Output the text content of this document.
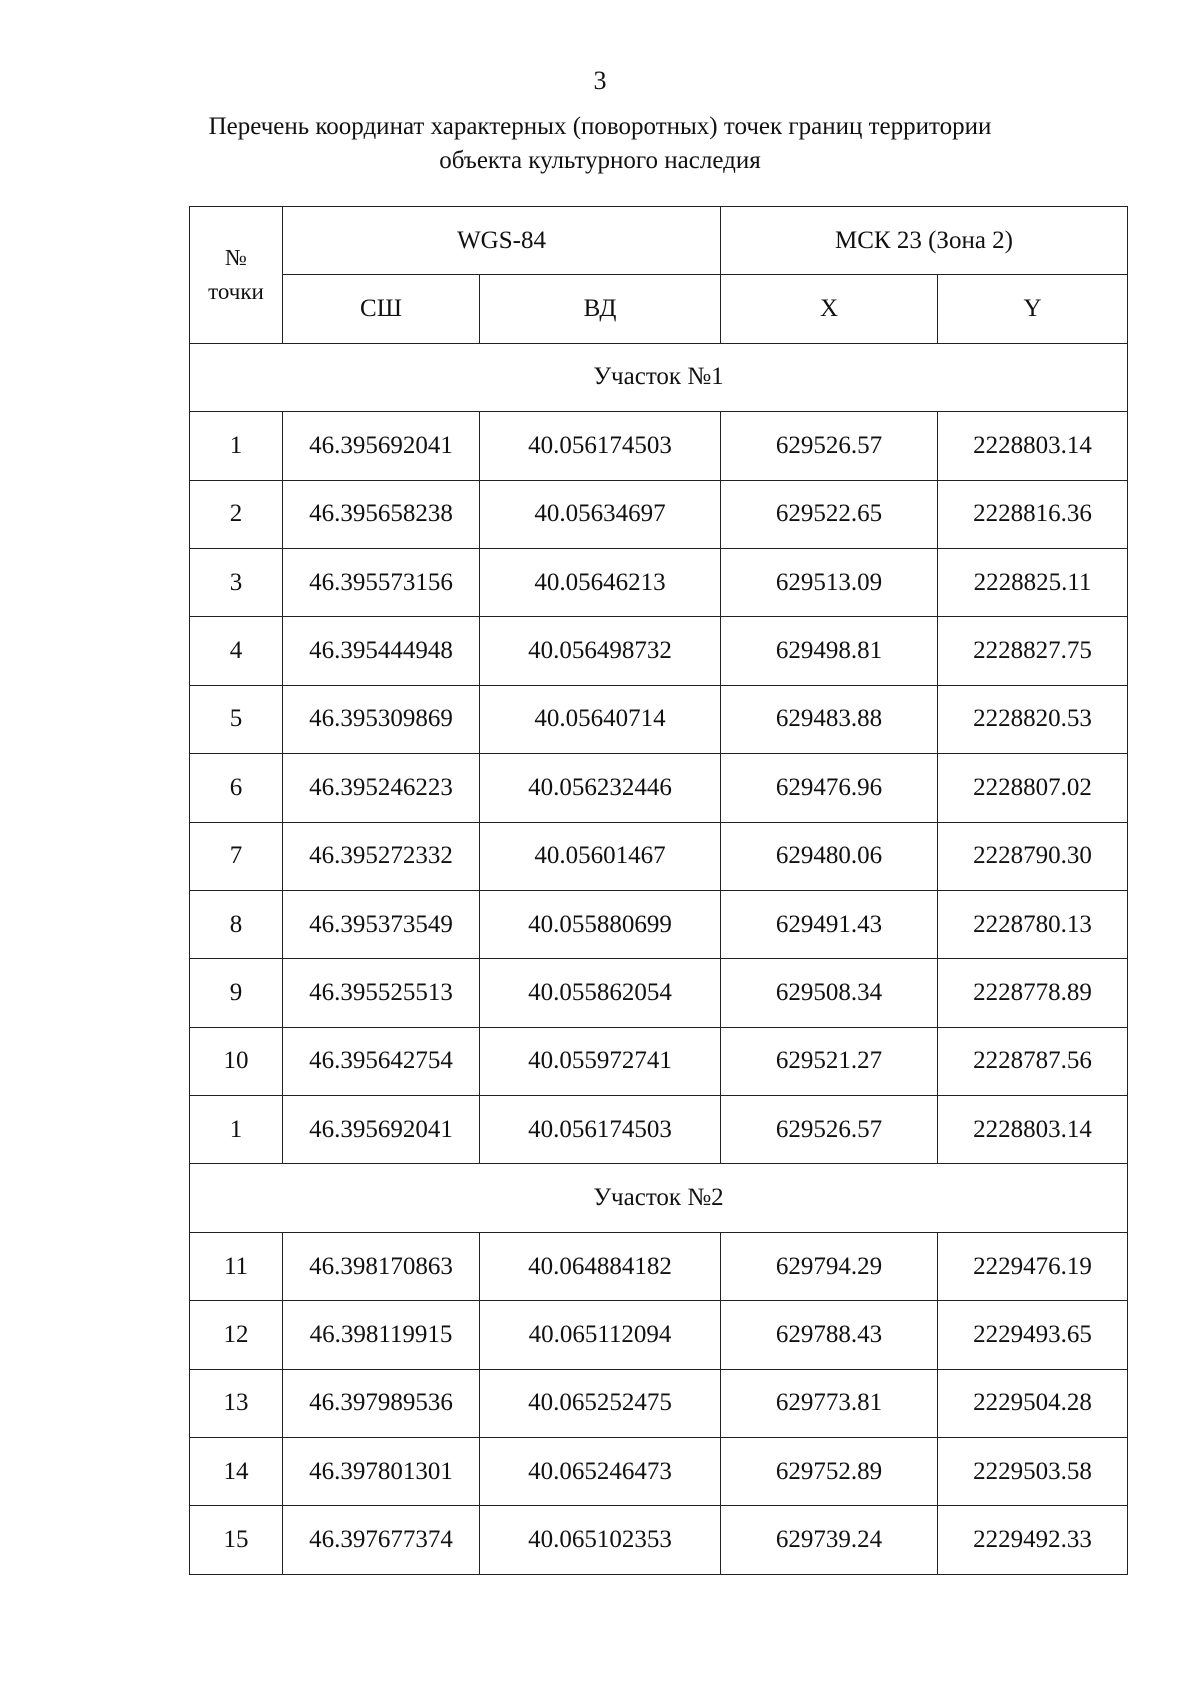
3
Перечень координат характерных (поворотных) точек границ территории
объекта культурного наследия
№
точки	WGS-84		МСК 23 (Зона 2)	
	СШ	ВД	X	Y
Участок №1				
1	46.395692041	40.056174503	629526.57	2228803.14
2	46.395658238	40.05634697	629522.65	2228816.36
3	46.395573156	40.05646213	629513.09	2228825.11
4	46.395444948	40.056498732	629498.81	2228827.75
5	46.395309869	40.05640714	629483.88	2228820.53
6	46.395246223	40.056232446	629476.96	2228807.02
7	46.395272332	40.05601467	629480.06	2228790.30
8	46.395373549	40.055880699	629491.43	2228780.13
9	46.395525513	40.055862054	629508.34	2228778.89
10	46.395642754	40.055972741	629521.27	2228787.56
1	46.395692041	40.056174503	629526.57	2228803.14
Участок №2				
11	46.398170863	40.064884182	629794.29	2229476.19
12	46.398119915	40.065112094	629788.43	2229493.65
13	46.397989536	40.065252475	629773.81	2229504.28
14	46.397801301	40.065246473	629752.89	2229503.58
15	46.397677374	40.065102353	629739.24	2229492.33
